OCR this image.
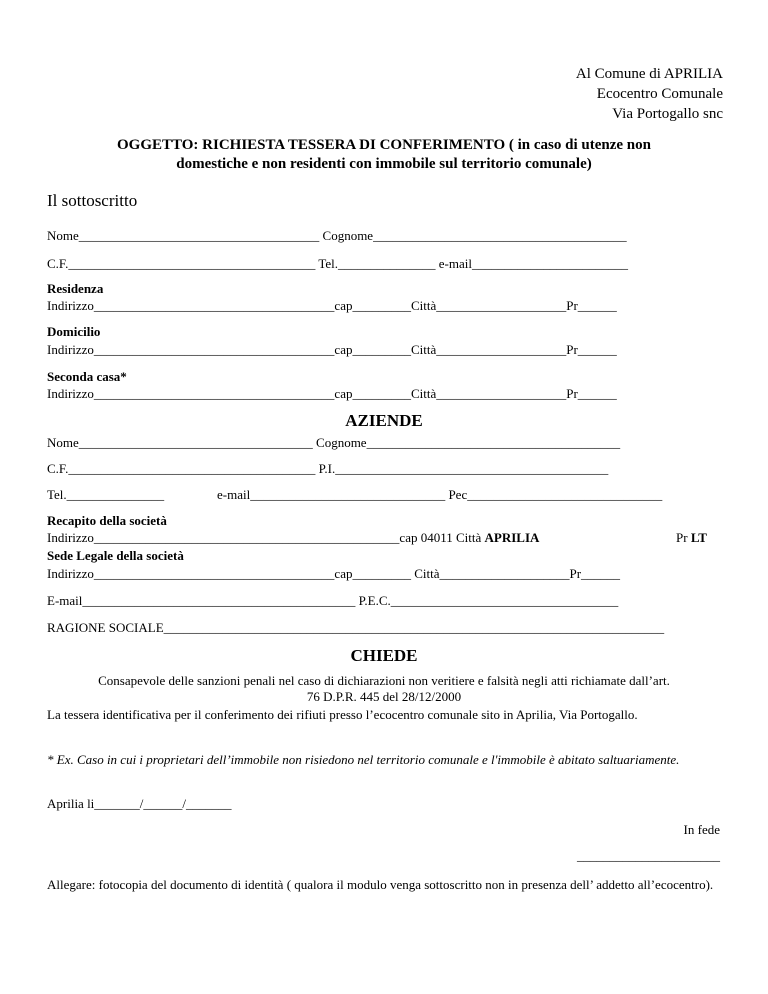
Al Comune di APRILIA
Ecocentro Comunale
Via Portogallo snc
OGGETTO: RICHIESTA TESSERA DI CONFERIMENTO ( in caso di utenze non
domestiche e non residenti con immobile sul territorio comunale)
Il sottoscritto
Nome_____________________________________ Cognome_______________________________________
C.F.______________________________________ Tel._______________ e-mail________________________
Residenza
Indirizzo_____________________________________cap_________Città____________________Pr______
Domicilio
Indirizzo_____________________________________cap_________Città____________________Pr______
Seconda casa*
Indirizzo_____________________________________cap_________Città____________________Pr______
AZIENDE
Nome____________________________________ Cognome_______________________________________
C.F.______________________________________ P.I.__________________________________________
Tel._______________	e-mail______________________________ Pec______________________________
Recapito della società
Indirizzo_______________________________________________cap 04011 Città APRILIA	Pr LT
Sede Legale della società
Indirizzo_____________________________________cap_________ Città____________________Pr______
E-mail__________________________________________ P.E.C.___________________________________
RAGIONE SOCIALE_____________________________________________________________________________
CHIEDE
Consapevole delle sanzioni penali nel caso di dichiarazioni non veritiere e falsità negli atti richiamate dall’art.
76 D.P.R. 445 del 28/12/2000
La tessera identificativa per il conferimento dei rifiuti presso l’ecocentro comunale sito in Aprilia, Via Portogallo.
* Ex. Caso in cui i proprietari dell’immobile non risiedono nel territorio comunale e l'immobile è abitato saltuariamente.
Aprilia li_______/______/_______
In fede
______________________
Allegare: fotocopia del documento di identità ( qualora il modulo venga sottoscritto non in presenza dell’ addetto all’ecocentro).
